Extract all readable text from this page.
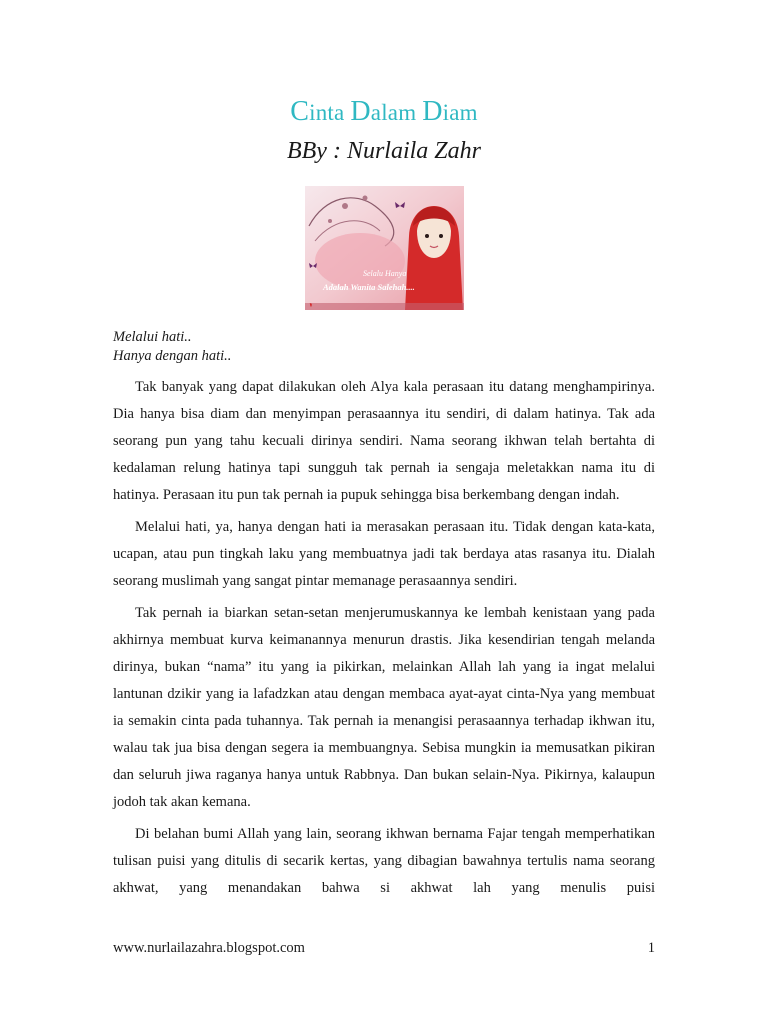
Cinta Dalam Diam
BBy : Nurlaila Zahr
Selalu Hanya
Adalah Wanita Salehah....
Melalui hati..
Hanya dengan hati..

Tak banyak yang dapat dilakukan oleh Alya kala perasaan itu datang menghampirinya. Dia hanya bisa diam dan menyimpan perasaannya itu sendiri, di dalam hatinya. Tak ada seorang pun yang tahu kecuali dirinya sendiri. Nama seorang ikhwan telah bertahta di kedalaman relung hatinya tapi sungguh tak pernah ia sengaja meletakkan nama itu di hatinya. Perasaan itu pun tak pernah ia pupuk sehingga bisa berkembang dengan indah.

Melalui hati, ya, hanya dengan hati ia merasakan perasaan itu. Tidak dengan kata-kata, ucapan, atau pun tingkah laku yang membuatnya jadi tak berdaya atas rasanya itu. Dialah seorang muslimah yang sangat pintar memanage perasaannya sendiri.

Tak pernah ia biarkan setan-setan menjerumuskannya ke lembah kenistaan yang pada akhirnya membuat kurva keimanannya menurun drastis. Jika kesendirian tengah melanda dirinya, bukan “nama” itu yang ia pikirkan, melainkan Allah lah yang ia ingat melalui lantunan dzikir yang ia lafadzkan atau dengan membaca ayat-ayat cinta-Nya yang membuat ia semakin cinta pada tuhannya. Tak pernah ia menangisi perasaannya terhadap ikhwan itu, walau tak jua bisa dengan segera ia membuangnya. Sebisa mungkin ia memusatkan pikiran dan seluruh jiwa raganya hanya untuk Rabbnya. Dan bukan selain-Nya. Pikirnya, kalaupun jodoh tak akan kemana.

Di belahan bumi Allah yang lain, seorang ikhwan bernama Fajar tengah memperhatikan tulisan puisi yang ditulis di secarik kertas, yang dibagian bawahnya tertulis nama seorang akhwat, yang menandakan bahwa si akhwat lah yang menulis puisi

www.nurlailazahra.blogspot.com	1
